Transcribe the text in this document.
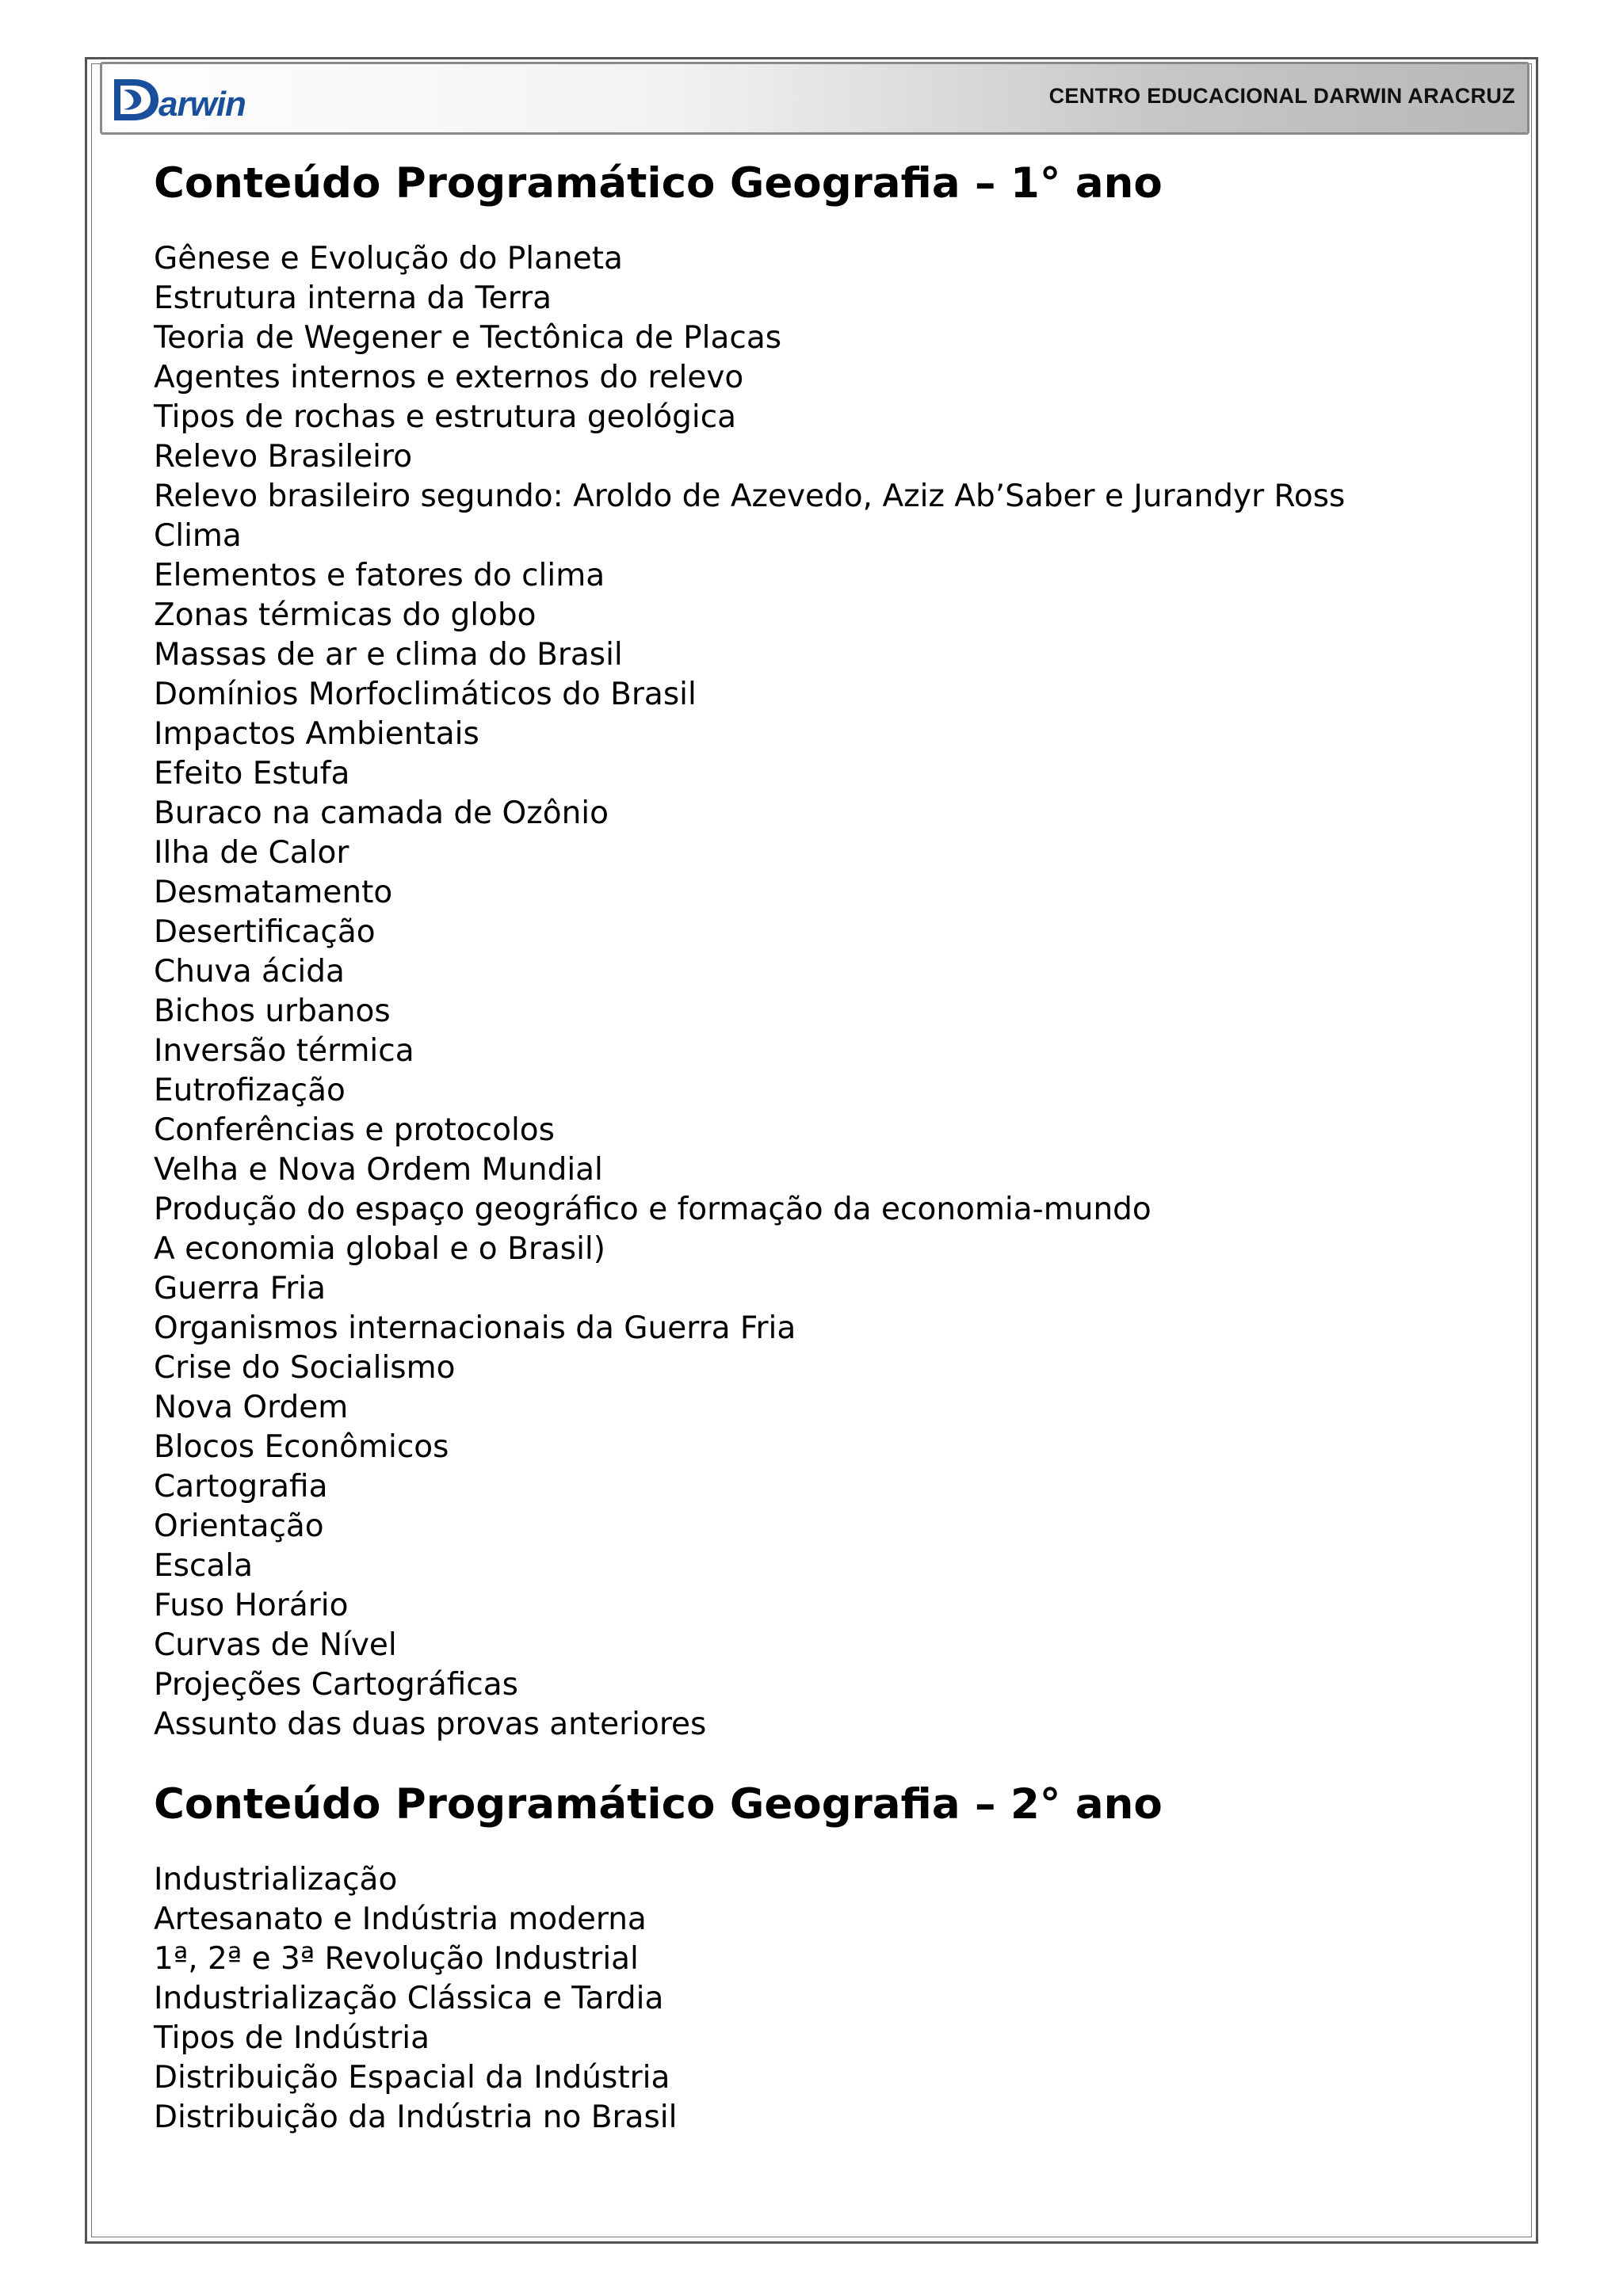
arwin	CENTRO EDUCACIONAL DARWIN ARACRUZ
Conteúdo Programático Geografia – 1° ano
Gênese e Evolução do Planeta
Estrutura interna da Terra
Teoria de Wegener e Tectônica de Placas
Agentes internos e externos do relevo
Tipos de rochas e estrutura geológica
Relevo Brasileiro
Relevo brasileiro segundo: Aroldo de Azevedo, Aziz Ab’Saber e Jurandyr Ross
Clima
Elementos e fatores do clima
Zonas térmicas do globo
Massas de ar e clima do Brasil
Domínios Morfoclimáticos do Brasil
Impactos Ambientais
Efeito Estufa
Buraco na camada de Ozônio
Ilha de Calor
Desmatamento
Desertificação
Chuva ácida
Bichos urbanos
Inversão térmica
Eutrofização
Conferências e protocolos
Velha e Nova Ordem Mundial
Produção do espaço geográfico e formação da economia-mundo
A economia global e o Brasil)
Guerra Fria
Organismos internacionais da Guerra Fria
Crise do Socialismo
Nova Ordem
Blocos Econômicos
Cartografia
Orientação
Escala
Fuso Horário
Curvas de Nível
Projeções Cartográficas
Assunto das duas provas anteriores
Conteúdo Programático Geografia – 2° ano
Industrialização
Artesanato e Indústria moderna
1ª, 2ª e 3ª Revolução Industrial
Industrialização Clássica e Tardia
Tipos de Indústria
Distribuição Espacial da Indústria
Distribuição da Indústria no Brasil
